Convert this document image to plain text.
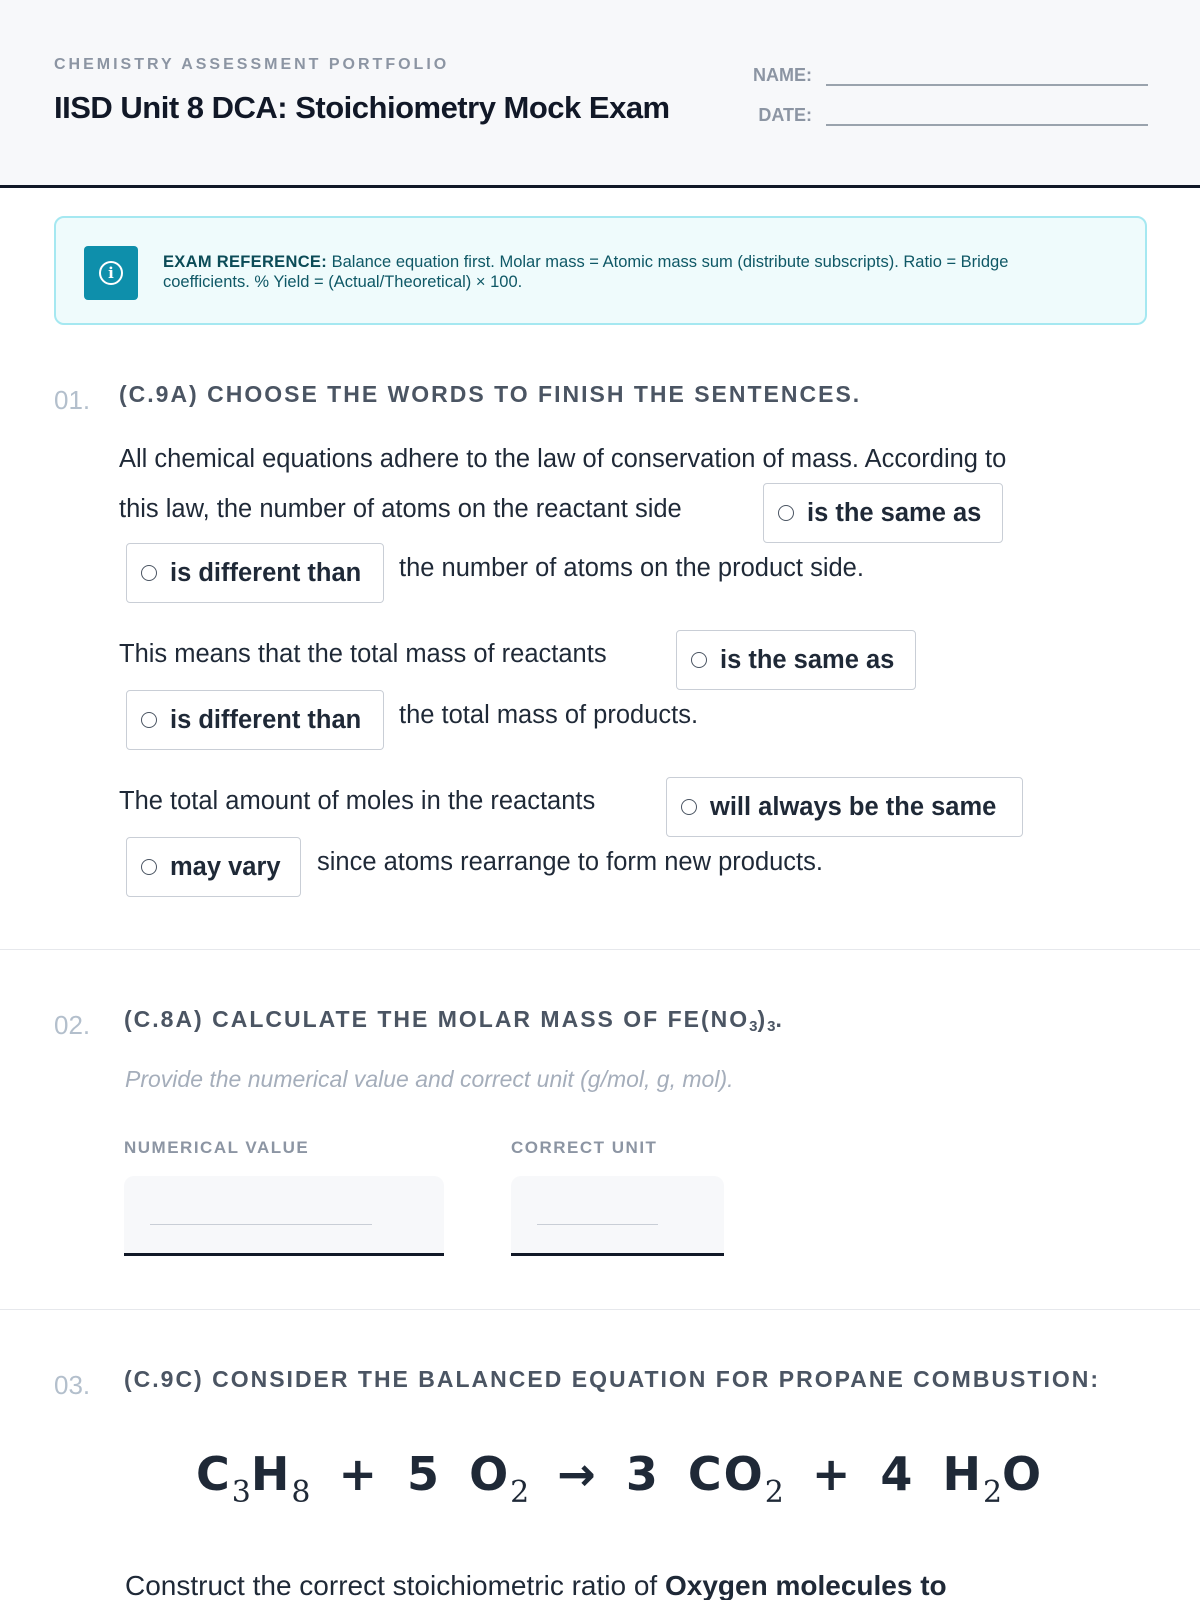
CHEMISTRY ASSESSMENT PORTFOLIO
IISD Unit 8 DCA: Stoichiometry Mock Exam
NAME:
DATE:
i
EXAM REFERENCE: Balance equation first. Molar mass = Atomic mass sum (distribute subscripts). Ratio = Bridge coefficients. % Yield = (Actual/Theoretical) × 100.
01. (C.9A) CHOOSE THE WORDS TO FINISH THE SENTENCES.
All chemical equations adhere to the law of conservation of mass. According to
this law, the number of atoms on the reactant side	is the same as
is different than the number of atoms on the product side.
This means that the total mass of reactants	is the same as
is different than the total mass of products.
The total amount of moles in the reactants	will always be the same
may vary since atoms rearrange to form new products.
02. (C.8A) CALCULATE THE MOLAR MASS OF $FE(NO_3)_3$.
Provide the numerical value and correct unit (g/mol, g, mol).
NUMERICAL VALUE	CORRECT UNIT
03. (C.9C) CONSIDER THE BALANCED EQUATION FOR PROPANE COMBUSTION:
$C_3H_8 + 5$ $O_2 \to 3$ $CO_2 + 4$ $H_2O$
Construct the correct stoichiometric ratio of Oxygen molecules to
